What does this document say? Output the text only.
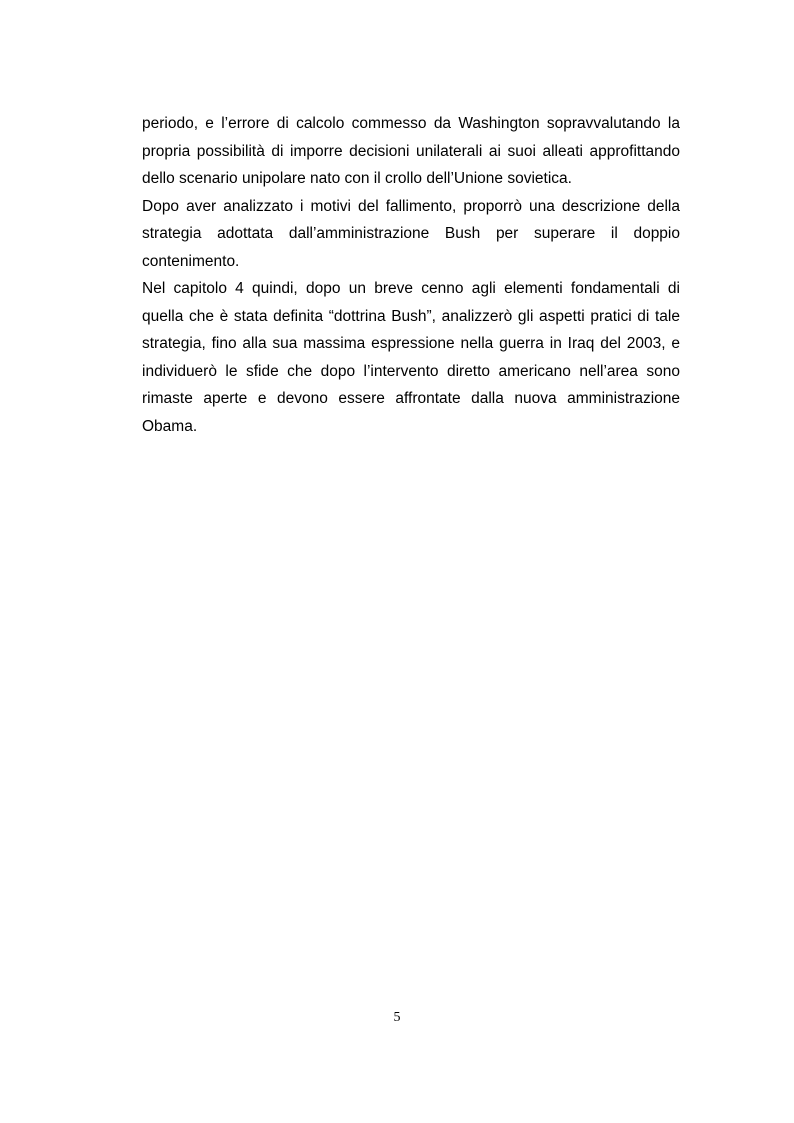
periodo, e l’errore di calcolo commesso da Washington sopravvalutando la propria possibilità di imporre decisioni unilaterali ai suoi alleati approfittando dello scenario unipolare nato con il crollo dell’Unione sovietica.

Dopo aver analizzato i motivi del fallimento, proporrò una descrizione della strategia adottata dall’amministrazione Bush per superare il doppio contenimento.

Nel capitolo 4 quindi, dopo un breve cenno agli elementi fondamentali di quella che è stata definita “dottrina Bush”, analizzerò gli aspetti pratici di tale strategia, fino alla sua massima espressione nella guerra in Iraq del 2003, e individuerò le sfide che dopo l’intervento diretto americano nell’area sono rimaste aperte e devono essere affrontate dalla nuova amministrazione Obama.

5
